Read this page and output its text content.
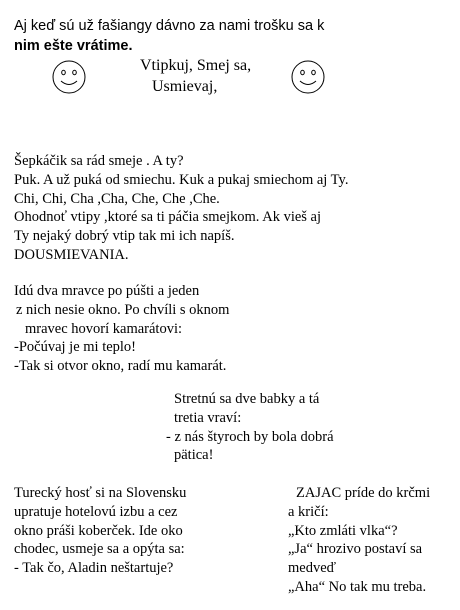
Aj keď sú už fašiangy dávno za nami trošku sa k
nim ešte vrátime.
Vtipkuj, Smej sa,
Usmievaj,
Šepkáčik sa rád smeje . A ty?
Puk. A už puká od smiechu. Kuk a pukaj smiechom aj Ty.
Chi, Chi, Cha ,Cha, Che, Che ,Che.
Ohodnoť vtipy ,ktoré sa ti páčia smejkom. Ak vieš aj
Ty nejaký dobrý vtip tak mi ich napíš.
DOUSMIEVANIA.
Idú dva mravce po púšti a jeden
z nich nesie okno. Po chvíli s oknom
mravec hovorí kamarátovi:
-Počúvaj je mi teplo!
-Tak si otvor okno, radí mu kamarát.
Stretnú sa dve babky a tá
tretia vraví:
- z nás štyroch by bola dobrá
pätica!
Turecký hosť si na Slovensku
upratuje hotelovú izbu a cez
okno práši koberček. Ide oko
chodec, usmeje sa a opýta sa:
- Tak čo, Aladin neštartuje?
ZAJAC príde do krčmi
a kričí:
„Kto zmláti vlka“?
„Ja“ hrozivo postaví sa
medveď
„Aha“ No tak mu treba.
